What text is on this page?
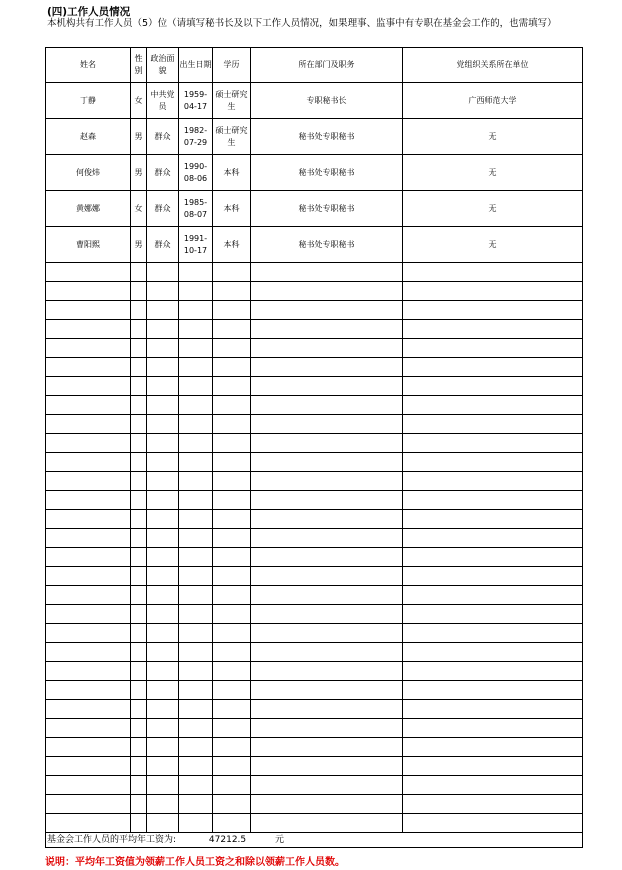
(四)工作人员情况
本机构共有工作人员（5）位（请填写秘书长及以下工作人员情况，如果理事、监事中有专职在基金会工作的，也需填写）
姓名	性别	政治面貌	出生日期	学历	所在部门及职务	党组织关系所在单位
丁静	女	中共党员	1959-04-17	硕士研究生	专职秘书长	广西师范大学
赵森	男	群众	1982-07-29	硕士研究生	秘书处专职秘书	无
何俊炜	男	群众	1990-08-06	本科	秘书处专职秘书	无
黄娜娜	女	群众	1985-08-07	本科	秘书处专职秘书	无
曹阳熙	男	群众	1991-10-17	本科	秘书处专职秘书	无

基金会工作人员的平均年工资为: 47212.5 元						
说明：平均年工资值为领薪工作人员工资之和除以领薪工作人员数。
